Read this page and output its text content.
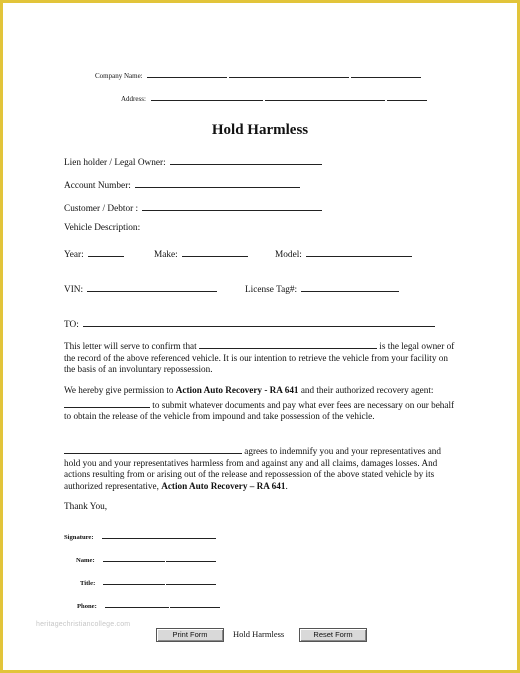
Company Name:
Address:
Hold Harmless
Lien holder / Legal Owner:
Account Number:
Customer / Debtor :
Vehicle Description:
Year:	Make:	Model:
VIN:	License Tag#:
TO:
This letter will serve to confirm that	is the legal owner of the record of the above referenced vehicle. It is our intention to retrieve the vehicle from your facility on the basis of an involuntary repossession.
We hereby give permission to Action Auto Recovery - RA 641 and their authorized recovery agent:  to submit whatever documents and pay what ever fees are necessary on our behalf to obtain the release of the vehicle from impound and take possession of the vehicle.
agrees to indemnify you and your representatives and hold you and your representatives harmless from and against any and all claims, damages losses. And actions resulting from or arising out of the release and repossession of the above stated vehicle by its authorized representative, Action Auto Recovery – RA 641.
Thank You,
Signature:
Name:
Title:
Phone:
heritagechristiancollege.com
Print Form	Hold Harmless	Reset Form
